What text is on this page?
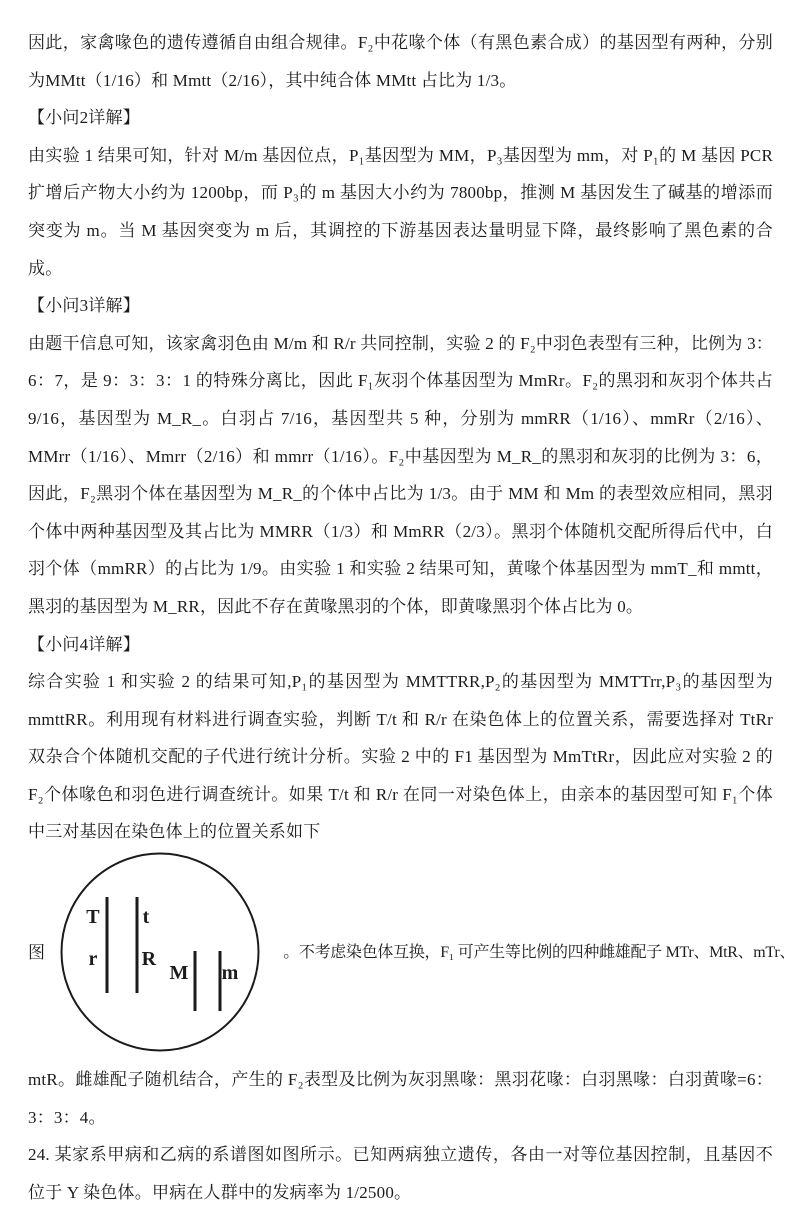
因此，家禽喙色的遗传遵循自由组合规律。F₂中花喙个体（有黑色素合成）的基因型有两种，分别为MMtt（1/16）和 Mmtt（2/16），其中纯合体 MMtt 占比为 1/3。

【小问2详解】

由实验 1 结果可知，针对 M/m 基因位点，P₁基因型为 MM，P₃基因型为 mm，对 P₁的 M 基因 PCR 扩增后产物大小约为 1200bp，而 P₃的 m 基因大小约为 7800bp，推测 M 基因发生了碱基的增添而突变为 m。当 M 基因突变为 m 后，其调控的下游基因表达量明显下降，最终影响了黑色素的合成。

【小问3详解】

由题干信息可知，该家禽羽色由 M/m 和 R/r 共同控制，实验 2 的 F₂中羽色表型有三种，比例为 3：6：7，是 9：3：3：1 的特殊分离比，因此 F₁灰羽个体基因型为 MmRr。F₂的黑羽和灰羽个体共占 9/16，基因型为 M_R_。白羽占 7/16，基因型共 5 种，分别为 mmRR（1/16）、mmRr（2/16）、MMrr（1/16）、Mmrr（2/16）和 mmrr（1/16）。F₂中基因型为 M_R_的黑羽和灰羽的比例为 3：6，因此，F₂黑羽个体在基因型为 M_R_的个体中占比为 1/3。由于 MM 和 Mm 的表型效应相同，黑羽个体中两种基因型及其占比为 MMRR（1/3）和 MmRR（2/3）。黑羽个体随机交配所得后代中，白羽个体（mmRR）的占比为 1/9。由实验 1 和实验 2 结果可知，黄喙个体基因型为 mmT_和 mmtt，黑羽的基因型为 M_RR，因此不存在黄喙黑羽的个体，即黄喙黑羽个体占比为 0。

【小问4详解】

综合实验 1 和实验 2 的结果可知,P₁的基因型为 MMTTRR,P₂的基因型为 MMTTrr,P₃的基因型为 mmttRR。利用现有材料进行调查实验，判断 T/t 和 R/r 在染色体上的位置关系，需要选择对 TtRr 双杂合个体随机交配的子代进行统计分析。实验 2 中的 F1 基因型为 MmTtRr，因此应对实验 2 的 F₂个体喙色和羽色进行调查统计。如果 T/t 和 R/r 在同一对染色体上，由亲本的基因型可知 F₁个体中三对基因在染色体上的位置关系如下

图
T
r
t
R
M m
。不考虑染色体互换，F₁ 可产生等比例的四种雌雄配子 MTr、MtR、mTr、

mtR。雌雄配子随机结合，产生的 F₂表型及比例为灰羽黑喙：黑羽花喙：白羽黑喙：白羽黄喙=6：3：3：4。

24. 某家系甲病和乙病的系谱图如图所示。已知两病独立遗传，各由一对等位基因控制，且基因不位于 Y 染色体。甲病在人群中的发病率为 1/2500。
